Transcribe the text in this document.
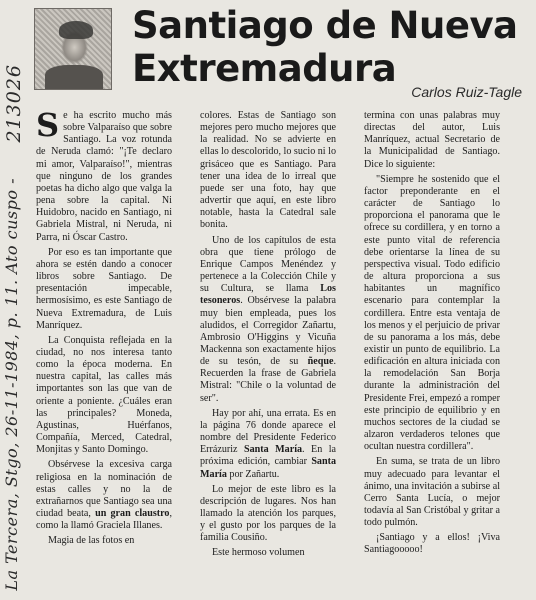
213026
La Tercera, Stgo, 26-11-1984, p. 11. Ato cuspo -
Santiago de Nueva Extremadura
Carlos Ruiz-Tagle

Se ha escrito mucho más sobre Valparaíso que sobre Santiago. La voz rotunda de Neruda clamó: "¡Te declaro mi amor, Valparaíso!", mientras que ninguno de los grandes poetas ha dicho algo que valga la pena sobre la capital. Ni Huidobro, nacido en Santiago, ni Gabriela Mistral, ni Neruda, ni Parra, ni Óscar Castro.

Por eso es tan importante que ahora se estén dando a conocer libros sobre Santiago. De presentación impecable, hermosísimo, es este Santiago de Nueva Extremadura, de Luis Manríquez.

La Conquista reflejada en la ciudad, no nos interesa tanto como la época moderna. En nuestra capital, las calles más importantes son las que van de oriente a poniente. ¿Cuáles eran las principales? Moneda, Agustinas, Huérfanos, Compañía, Merced, Catedral, Monjitas y Santo Domingo.

Obsérvese la excesiva carga religiosa en la nominación de estas calles y no la de extrañarnos que Santiago sea una ciudad beata, un gran claustro, como la llamó Graciela Illanes.

Magia de las fotos en

colores. Estas de Santiago son mejores pero mucho mejores que la realidad. No se advierte en ellas lo descolorido, lo sucio ni lo grisáceo que es Santiago. Para tener una idea de lo irreal que puede ser una foto, hay que advertir que aquí, en este libro notable, hasta la Catedral sale bonita.

Uno de los capítulos de esta obra que tiene prólogo de Enrique Campos Menéndez y pertenece a la Colección Chile y su Cultura, se llama Los tesoneros. Obsérvese la palabra muy bien empleada, pues los aludidos, el Corregidor Zañartu, Ambrosio O'Higgins y Vicuña Mackenna son exactamente hijos de su tesón, de su ñeque. Recuerden la frase de Gabriela Mistral: "Chile o la voluntad de ser".

Hay por ahí, una errata. Es en la página 76 donde aparece el nombre del Presidente Federico Errázuriz Santa María. En la próxima edición, cambiar Santa María por Zañartu.

Lo mejor de este libro es la descripción de lugares. Nos han llamado la atención los parques, y el gusto por los parques de la familia Cousiño.

Este hermoso volumen

termina con unas palabras muy directas del autor, Luis Manríquez, actual Secretario de la Municipalidad de Santiago. Dice lo siguiente:

"Siempre he sostenido que el factor preponderante en el carácter de Santiago lo proporciona el panorama que le ofrece su cordillera, y en torno a este punto vital de referencia debe orientarse la línea de su perspectiva visual. Todo edificio de altura proporciona a sus habitantes un magnífico escenario para contemplar la cordillera. Entre esta ventaja de los menos y el perjuicio de privar de su panorama a los más, debe existir un punto de equilibrio. La edificación en altura iniciada con la remodelación San Borja durante la administración del Presidente Frei, empezó a romper este principio de equilibrio y en muchos sectores de la ciudad se alzaron verdaderos telones que ocultan nuestra cordillera".

En suma, se trata de un libro muy adecuado para levantar el ánimo, una invitación a subirse al Cerro Santa Lucía, o mejor todavía al San Cristóbal y gritar a todo pulmón.

¡Santiago y a ellos! ¡Viva Santiagooooo!
